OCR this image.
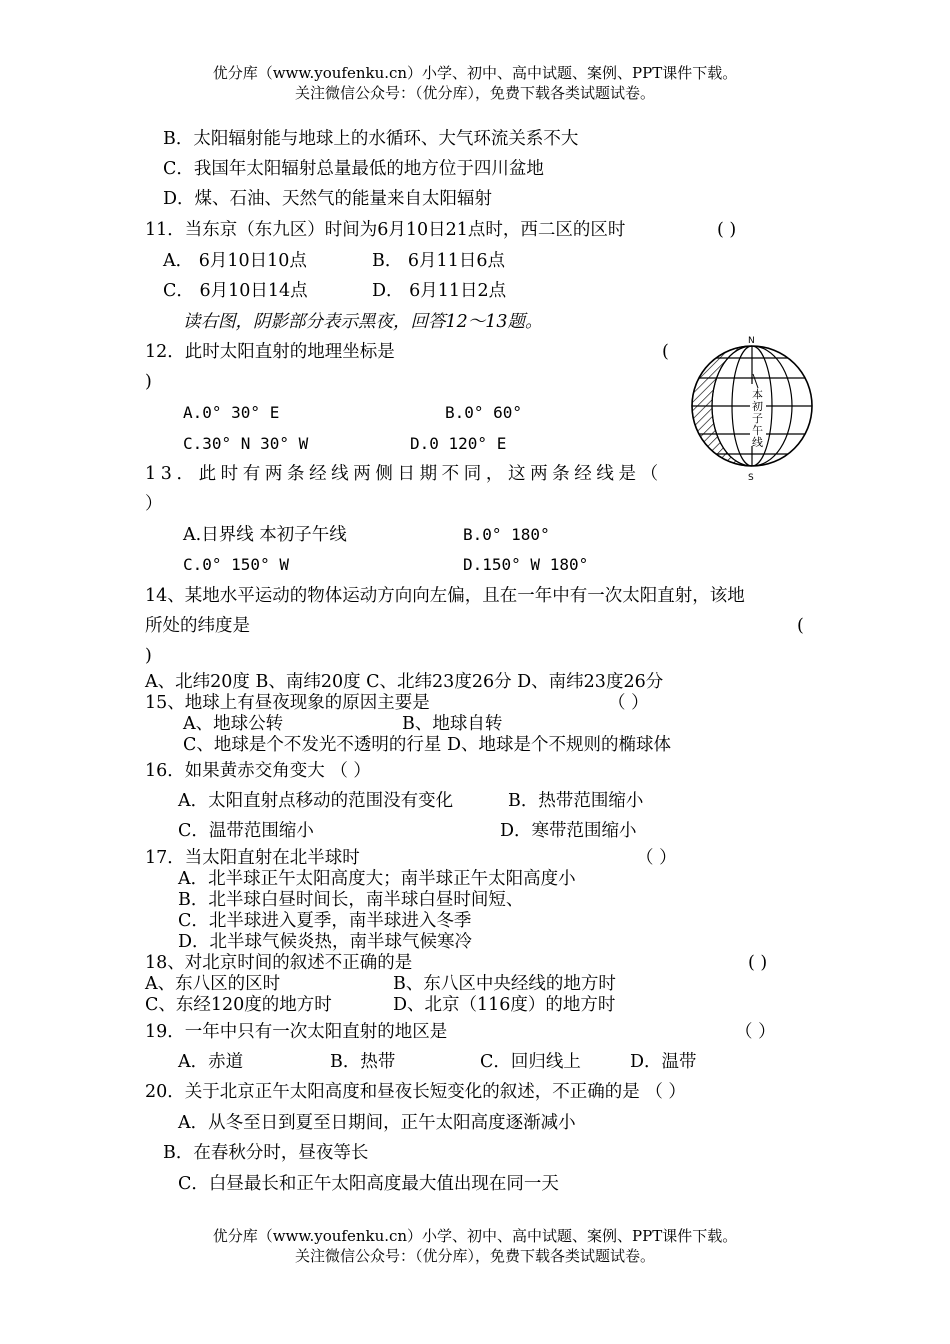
优分库（www.youfenku.cn）小学、初中、高中试题、案例、PPT课件下载。
关注微信公众号：（优分库），免费下载各类试题试卷。
B．太阳辐射能与地球上的水循环、大气环流关系不大
C．我国年太阳辐射总量最低的地方位于四川盆地
D．煤、石油、天然气的能量来自太阳辐射
11．当东京（东九区）时间为6月10日21点时，西二区的区时	( )
A． 6月10日10点	B． 6月11日6点
C． 6月10日14点	D． 6月11日2点
读右图，阴影部分表示黑夜，回答12～13题。
12．此时太阳直射的地理坐标是	(
)
A.0° 30° E	B.0° 60°
C.30° N 30° W	D.0 120° E
13．此时有两条经线两侧日期不同，这两条经线是（
）
A.日界线 本初子午线	B.0° 180°
C.0° 150° W	D.150° W 180°
N
S
本
初
子
午
线
14、某地水平运动的物体运动方向向左偏，且在一年中有一次太阳直射，该地
所处的纬度是	(
)
A、北纬20度 B、南纬20度 C、北纬23度26分 D、南纬23度26分
15、地球上有昼夜现象的原因主要是	（ ）
A、地球公转	B、地球自转
C、地球是个不发光不透明的行星 D、地球是个不规则的椭球体
16．如果黄赤交角变大 （ ）
A．太阳直射点移动的范围没有变化	B．热带范围缩小
C．温带范围缩小	D．寒带范围缩小
17．当太阳直射在北半球时	（ ）
A．北半球正午太阳高度大；南半球正午太阳高度小
B．北半球白昼时间长，南半球白昼时间短、
C．北半球进入夏季，南半球进入冬季
D．北半球气候炎热，南半球气候寒冷
18、对北京时间的叙述不正确的是	( )
A、东八区的区时	B、东八区中央经线的地方时
C、东经120度的地方时	D、北京（116度）的地方时
19．一年中只有一次太阳直射的地区是	（ ）
A．赤道	B．热带	C．回归线上	D．温带
20．关于北京正午太阳高度和昼夜长短变化的叙述，不正确的是 （ ）
A．从冬至日到夏至日期间，正午太阳高度逐渐减小
B．在春秋分时，昼夜等长
C．白昼最长和正午太阳高度最大值出现在同一天
优分库（www.youfenku.cn）小学、初中、高中试题、案例、PPT课件下载。
关注微信公众号：（优分库），免费下载各类试题试卷。
